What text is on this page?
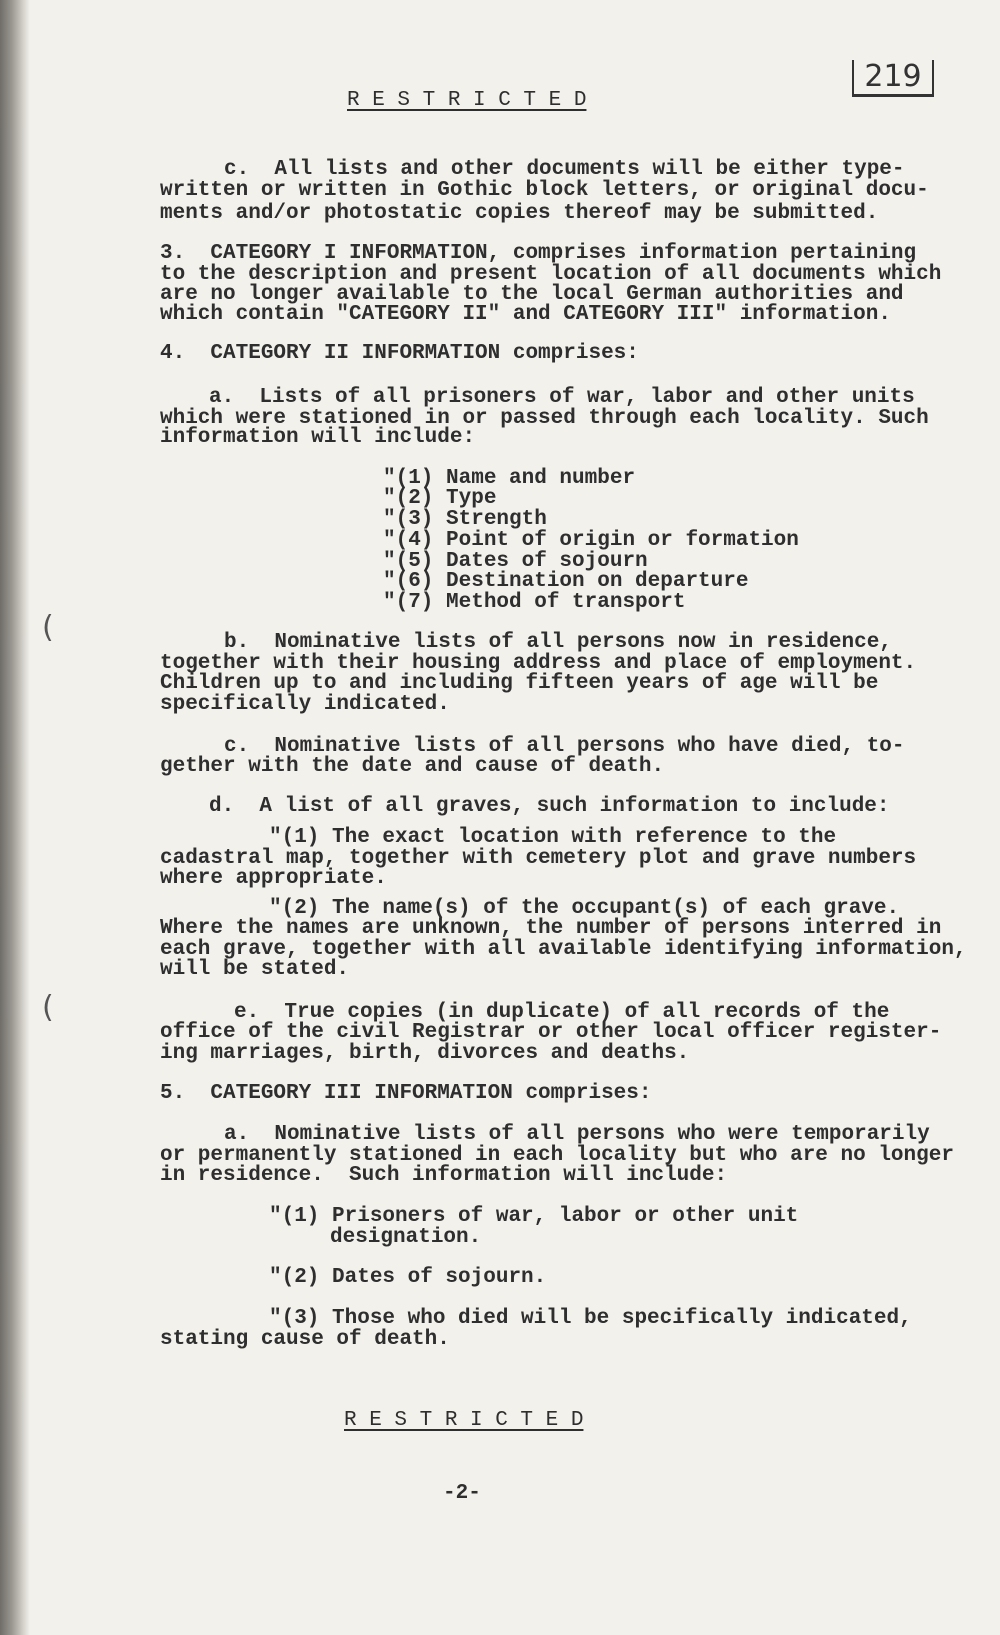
(
(
219
R E S T R I C T E D
R E S T R I C T E D
-2-
c.  All lists and other documents will be either type-
written or written in Gothic block letters, or original docu-
ments and/or photostatic copies thereof may be submitted.
3.  CATEGORY I INFORMATION, comprises information pertaining
to the description and present location of all documents which
are no longer available to the local German authorities and
which contain "CATEGORY II" and CATEGORY III" information.
4.  CATEGORY II INFORMATION comprises:
a.  Lists of all prisoners of war, labor and other units
which were stationed in or passed through each locality. Such
information will include:
"(1) Name and number
"(2) Type
"(3) Strength
"(4) Point of origin or formation
"(5) Dates of sojourn
"(6) Destination on departure
"(7) Method of transport
b.  Nominative lists of all persons now in residence,
together with their housing address and place of employment.
Children up to and including fifteen years of age will be
specifically indicated.
c.  Nominative lists of all persons who have died, to-
gether with the date and cause of death.
d.  A list of all graves, such information to include:
"(1) The exact location with reference to the
cadastral map, together with cemetery plot and grave numbers
where appropriate.
"(2) The name(s) of the occupant(s) of each grave.
Where the names are unknown, the number of persons interred in
each grave, together with all available identifying information,
will be stated.
e.  True copies (in duplicate) of all records of the
office of the civil Registrar or other local officer register-
ing marriages, birth, divorces and deaths.
5.  CATEGORY III INFORMATION comprises:
a.  Nominative lists of all persons who were temporarily
or permanently stationed in each locality but who are no longer
in residence.  Such information will include:
"(1) Prisoners of war, labor or other unit
designation.
"(2) Dates of sojourn.
"(3) Those who died will be specifically indicated,
stating cause of death.
